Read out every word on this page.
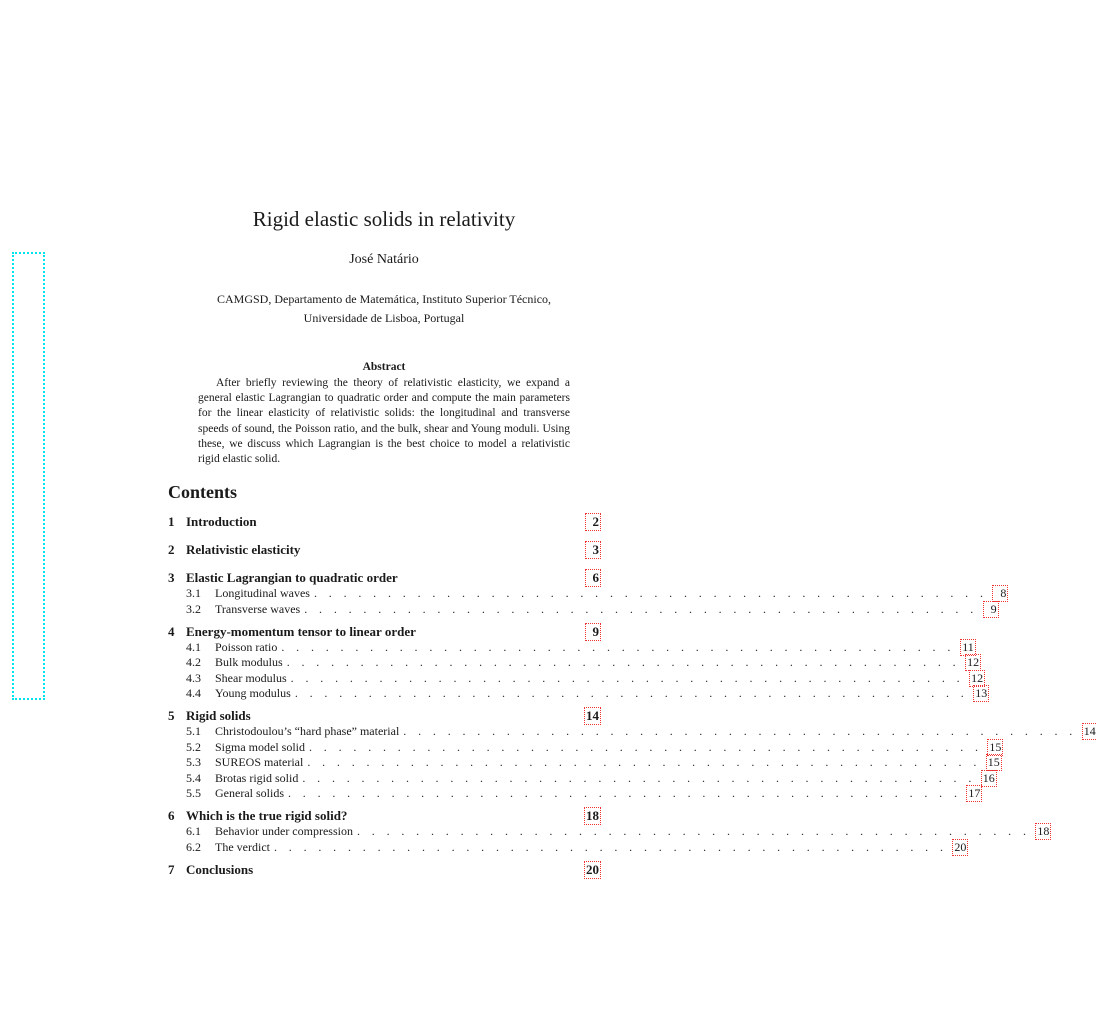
Rigid elastic solids in relativity
José Natário
CAMGSD, Departamento de Matemática, Instituto Superior Técnico,
Universidade de Lisboa, Portugal
Abstract
After briefly reviewing the theory of relativistic elasticity, we expand a general elastic Lagrangian to quadratic order and compute the main parameters for the linear elasticity of relativistic solids: the longitudinal and transverse speeds of sound, the Poisson ratio, and the bulk, shear and Young moduli. Using these, we discuss which Lagrangian is the best choice to model a relativistic rigid elastic solid.
Contents
1 Introduction	2
2 Relativistic elasticity	3
3 Elastic Lagrangian to quadratic order	6
3.1	Longitudinal waves . . . . . . . . . . . . . . . . . . . . . . . . . . . . . . . . . . . . . . . . . . . . . .	8
3.2	Transverse waves . . . . . . . . . . . . . . . . . . . . . . . . . . . . . . . . . . . . . . . . . . . . . .	9
4 Energy-momentum tensor to linear order	9
4.1	Poisson ratio . . . . . . . . . . . . . . . . . . . . . . . . . . . . . . . . . . . . . . . . . . . . . . 11
4.2	Bulk modulus . . . . . . . . . . . . . . . . . . . . . . . . . . . . . . . . . . . . . . . . . . . . . . 12
4.3	Shear modulus . . . . . . . . . . . . . . . . . . . . . . . . . . . . . . . . . . . . . . . . . . . . . . 12
4.4	Young modulus . . . . . . . . . . . . . . . . . . . . . . . . . . . . . . . . . . . . . . . . . . . . . . 13
5 Rigid solids	14
5.1	Christodoulou’s “hard phase” material . . . . . . . . . . . . . . . . . . . . . . . . . . . . . . . . . . . . . . . . . . . . . . 14
5.2	Sigma model solid . . . . . . . . . . . . . . . . . . . . . . . . . . . . . . . . . . . . . . . . . . . . . . 15
5.3	SUREOS material . . . . . . . . . . . . . . . . . . . . . . . . . . . . . . . . . . . . . . . . . . . . . . 15
5.4	Brotas rigid solid . . . . . . . . . . . . . . . . . . . . . . . . . . . . . . . . . . . . . . . . . . . . . . 16
5.5	General solids . . . . . . . . . . . . . . . . . . . . . . . . . . . . . . . . . . . . . . . . . . . . . . 17
6 Which is the true rigid solid?	18
6.1	Behavior under compression . . . . . . . . . . . . . . . . . . . . . . . . . . . . . . . . . . . . . . . . . . . . . . 18
6.2	The verdict . . . . . . . . . . . . . . . . . . . . . . . . . . . . . . . . . . . . . . . . . . . . . . 20
7 Conclusions	20
